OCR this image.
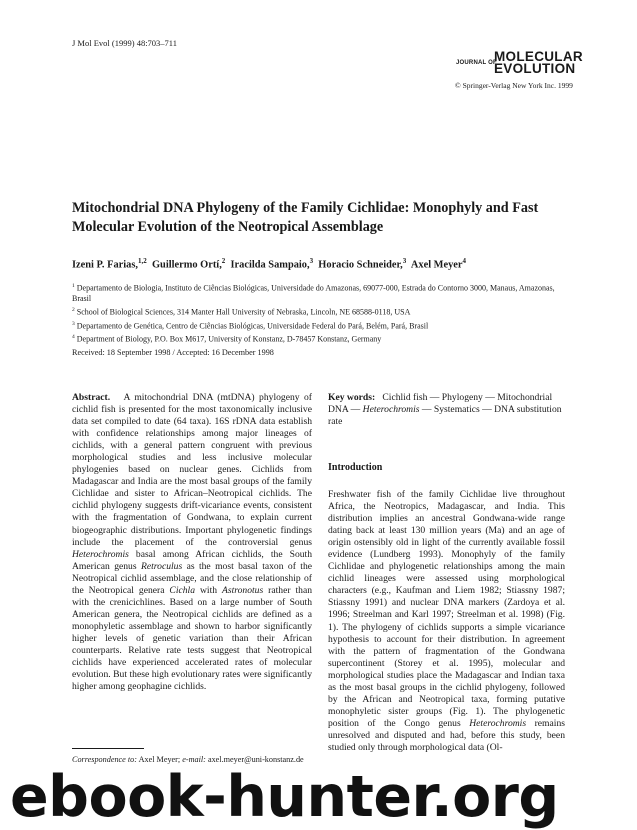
J Mol Evol (1999) 48:703–711
JOURNAL OF
MOLECULAR
EVOLUTION
© Springer-Verlag New York Inc. 1999
Mitochondrial DNA Phylogeny of the Family Cichlidae: Monophyly and Fast Molecular Evolution of the Neotropical Assemblage
Izeni P. Farias,$^{1,2}$ Guillermo Ortí,$^2$ Iracilda Sampaio,$^3$ Horacio Schneider,$^3$ Axel Meyer$^4$
$^1$ Departamento de Biologia, Instituto de Ciências Biológicas, Universidade do Amazonas, 69077-000, Estrada do Contorno 3000, Manaus, Amazonas, Brasil
$^2$ School of Biological Sciences, 314 Manter Hall University of Nebraska, Lincoln, NE 68588-0118, USA
$^3$ Departamento de Genética, Centro de Ciências Biológicas, Universidade Federal do Pará, Belém, Pará, Brasil
$^4$ Department of Biology, P.O. Box M617, University of Konstanz, D-78457 Konstanz, Germany
Received: 18 September 1998 / Accepted: 16 December 1998
Abstract. A mitochondrial DNA (mtDNA) phylogeny of cichlid fish is presented for the most taxonomically inclusive data set compiled to date (64 taxa). 16S rDNA data establish with confidence relationships among major lineages of cichlids, with a general pattern congruent with previous morphological studies and less inclusive molecular phylogenies based on nuclear genes. Cichlids from Madagascar and India are the most basal groups of the family Cichlidae and sister to African–Neotropical cichlids. The cichlid phylogeny suggests drift-vicariance events, consistent with the fragmentation of Gondwana, to explain current biogeographic distributions. Important phylogenetic findings include the placement of the controversial genus Heterochromis basal among African cichlids, the South American genus Retroculus as the most basal taxon of the Neotropical cichlid assemblage, and the close relationship of the Neotropical genera Cichla with Astronotus rather than with the crenicichlines. Based on a large number of South American genera, the Neotropical cichlids are defined as a monophyletic assemblage and shown to harbor significantly higher levels of genetic variation than their African counterparts. Relative rate tests suggest that Neotropical cichlids have experienced accelerated rates of molecular evolution. But these high evolutionary rates were significantly higher among geophagine cichlids.
Key words: Cichlid fish — Phylogeny — Mitochondrial DNA — Heterochromis — Systematics — DNA substitution rate
Introduction
Freshwater fish of the family Cichlidae live throughout Africa, the Neotropics, Madagascar, and India. This distribution implies an ancestral Gondwana-wide range dating back at least 130 million years (Ma) and an age of origin ostensibly old in light of the currently available fossil evidence (Lundberg 1993). Monophyly of the family Cichlidae and phylogenetic relationships among the main cichlid lineages were assessed using morphological characters (e.g., Kaufman and Liem 1982; Stiassny 1987; Stiassny 1991) and nuclear DNA markers (Zardoya et al. 1996; Streelman and Karl 1997; Streelman et al. 1998) (Fig. 1). The phylogeny of cichlids supports a simple vicariance hypothesis to account for their distribution. In agreement with the pattern of fragmentation of the Gondwana supercontinent (Storey et al. 1995), molecular and morphological studies place the Madagascar and Indian taxa as the most basal groups in the cichlid phylogeny, followed by the African and Neotropical taxa, forming putative monophyletic sister groups (Fig. 1). The phylogenetic position of the Congo genus Heterochromis remains unresolved and disputed and had, before this study, been studied only through morphological data (Ol-
Correspondence to: Axel Meyer; e-mail: axel.meyer@uni-konstanz.de
ebook-hunter.org
